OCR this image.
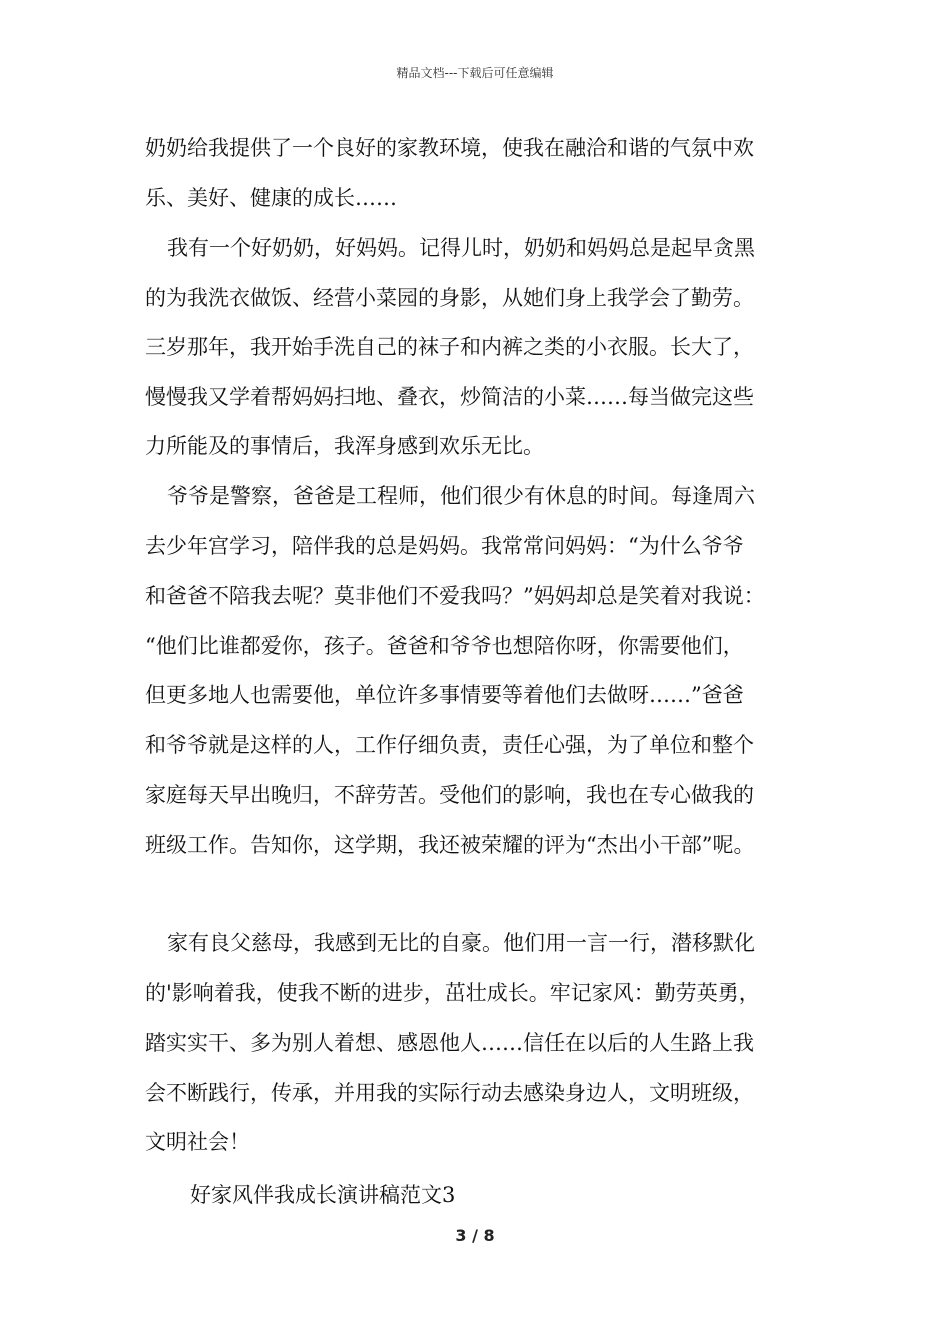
精品文档---下载后可任意编辑
奶奶给我提供了一个良好的家教环境，使我在融洽和谐的气氛中欢
乐、美好、健康的成长……
我有一个好奶奶，好妈妈。记得儿时，奶奶和妈妈总是起早贪黑
的为我洗衣做饭、经营小菜园的身影，从她们身上我学会了勤劳。
三岁那年，我开始手洗自己的袜子和内裤之类的小衣服。长大了，
慢慢我又学着帮妈妈扫地、叠衣，炒简洁的小菜……每当做完这些
力所能及的事情后，我浑身感到欢乐无比。
爷爷是警察，爸爸是工程师，他们很少有休息的时间。每逢周六
去少年宫学习，陪伴我的总是妈妈。我常常问妈妈：“为什么爷爷
和爸爸不陪我去呢？莫非他们不爱我吗？”妈妈却总是笑着对我说：
“他们比谁都爱你，孩子。爸爸和爷爷也想陪你呀，你需要他们，
但更多地人也需要他，单位许多事情要等着他们去做呀……”爸爸
和爷爷就是这样的人，工作仔细负责，责任心强，为了单位和整个
家庭每天早出晚归，不辞劳苦。受他们的影响，我也在专心做我的
班级工作。告知你，这学期，我还被荣耀的评为“杰出小干部”呢。
家有良父慈母，我感到无比的自豪。他们用一言一行，潜移默化
的'影响着我，使我不断的进步，茁壮成长。牢记家风：勤劳英勇，
踏实实干、多为别人着想、感恩他人……信任在以后的人生路上我
会不断践行，传承，并用我的实际行动去感染身边人，文明班级，
文明社会！
好家风伴我成长演讲稿范文3
3 / 8
